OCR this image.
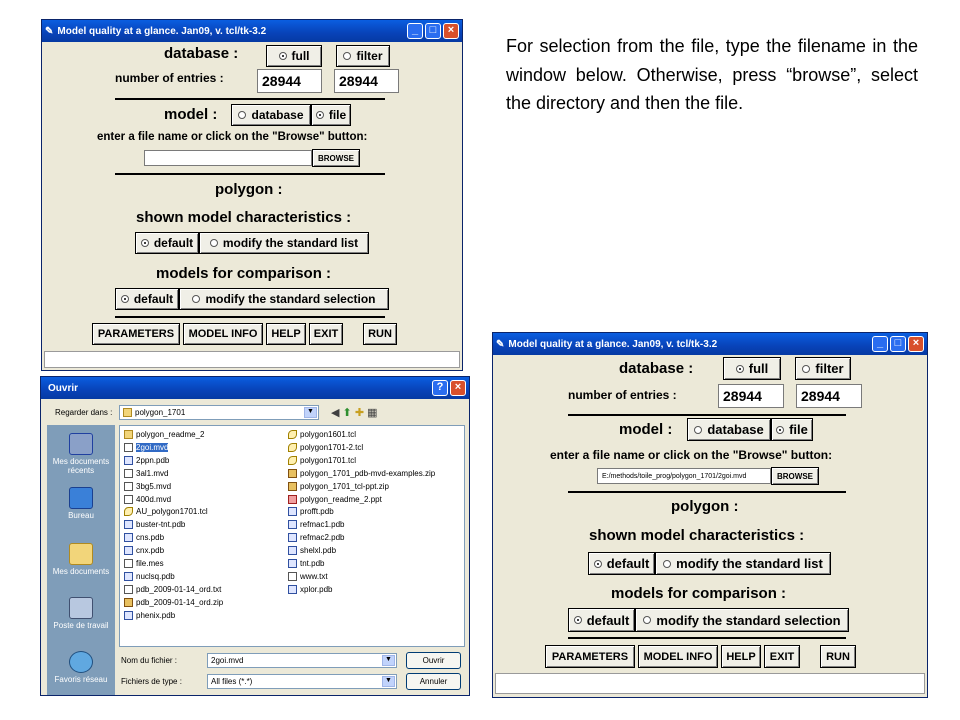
✎ Model quality at a glance. Jan09, v. tcl/tk-3.2	_	□	×
database :	full	filter
number of entries :	28944	28944
model :	database file
enter a file name or click on the "Browse" button:
BROWSE
polygon :
shown model characteristics :
default modify the standard list
models for comparison :
default	modify the standard selection
PARAMETERS	MODEL INFO	HELP	EXIT	RUN
For selection from the file, type the filename in the window below. Otherwise, press “browse”, select the directory and then the file.
Ouvrir	?	×
Regarder dans :	polygon_1701	▼ ◀ ⬆ ✚ ▦
Mes documents récents
Bureau
Mes documents
Poste de travail
Favoris réseau
polygon_readme_2
2goi.mvd
2ppn.pdb
3al1.mvd
3bg5.mvd
400d.mvd
AU_polygon1701.tcl
buster-tnt.pdb
cns.pdb
cnx.pdb
file.mes
nuclsq.pdb
pdb_2009-01-14_ord.txt
pdb_2009-01-14_ord.zip
phenix.pdb
polygon1601.tcl
polygon1701-2.tcl
polygon1701.tcl
polygon_1701_pdb-mvd-examples.zip
polygon_1701_tcl-ppt.zip
polygon_readme_2.ppt
profft.pdb
refmac1.pdb
refmac2.pdb
shelxl.pdb
tnt.pdb
www.txt
xplor.pdb
Nom du fichier :	2goi.mvd	▼
Fichiers de type :	All files (*.*)	▼
Ouvrir
Annuler
✎ Model quality at a glance. Jan09, v. tcl/tk-3.2	_	□	×
database :	full	filter
number of entries :	28944	28944
model :	database file
enter a file name or click on the "Browse" button:
E:/methods/toile_prog/polygon_1701/2goi.mvd	BROWSE
polygon :
shown model characteristics :
default modify the standard list
models for comparison :
default modify the standard selection
PARAMETERS	MODEL INFO	HELP	EXIT	RUN
